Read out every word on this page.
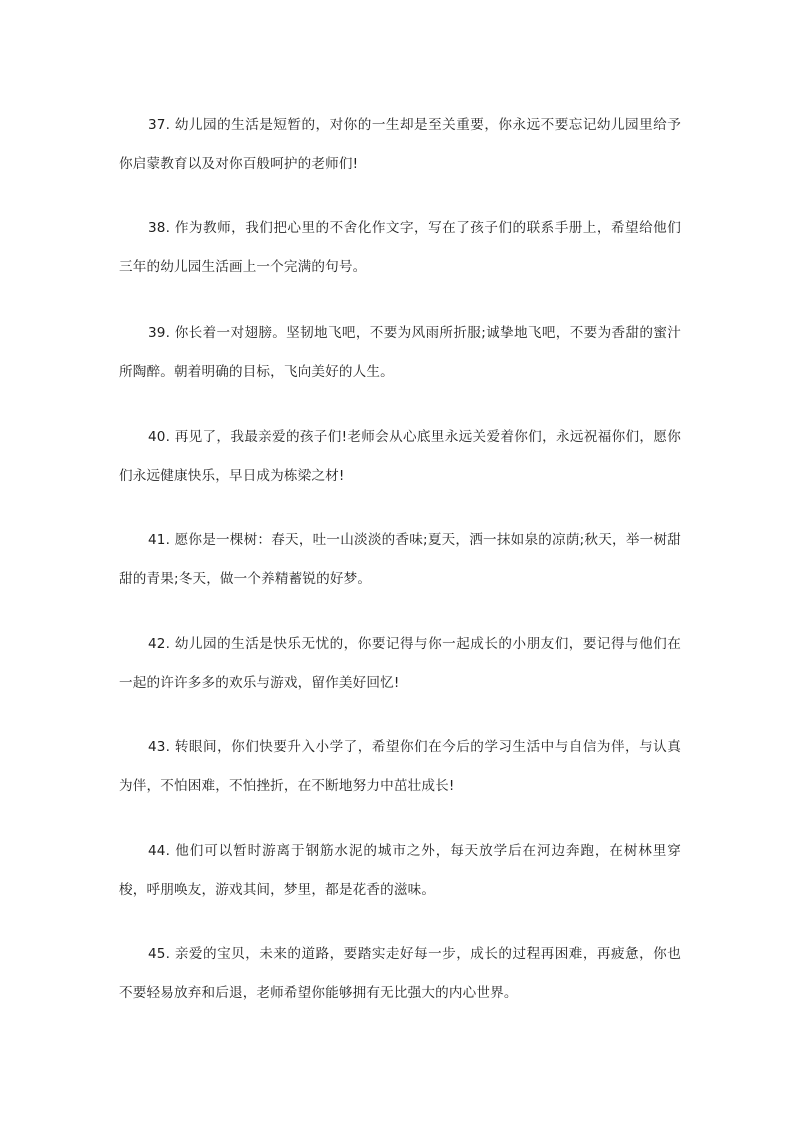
37. 幼儿园的生活是短暂的，对你的一生却是至关重要，你永远不要忘记幼儿园里给予你启蒙教育以及对你百般呵护的老师们!

38. 作为教师，我们把心里的不舍化作文字，写在了孩子们的联系手册上，希望给他们三年的幼儿园生活画上一个完满的句号。

39. 你长着一对翅膀。坚韧地飞吧，不要为风雨所折服;诚挚地飞吧，不要为香甜的蜜汁所陶醉。朝着明确的目标，飞向美好的人生。

40. 再见了，我最亲爱的孩子们!老师会从心底里永远关爱着你们，永远祝福你们，愿你们永远健康快乐，早日成为栋梁之材!

41. 愿你是一棵树：春天，吐一山淡淡的香味;夏天，洒一抹如泉的凉荫;秋天，举一树甜甜的青果;冬天，做一个养精蓄锐的好梦。

42. 幼儿园的生活是快乐无忧的，你要记得与你一起成长的小朋友们，要记得与他们在一起的许许多多的欢乐与游戏，留作美好回忆!

43. 转眼间，你们快要升入小学了，希望你们在今后的学习生活中与自信为伴，与认真为伴，不怕困难，不怕挫折，在不断地努力中茁壮成长!

44. 他们可以暂时游离于钢筋水泥的城市之外，每天放学后在河边奔跑，在树林里穿梭，呼朋唤友，游戏其间，梦里，都是花香的滋味。

45. 亲爱的宝贝，未来的道路，要踏实走好每一步，成长的过程再困难，再疲惫，你也不要轻易放弃和后退，老师希望你能够拥有无比强大的内心世界。
